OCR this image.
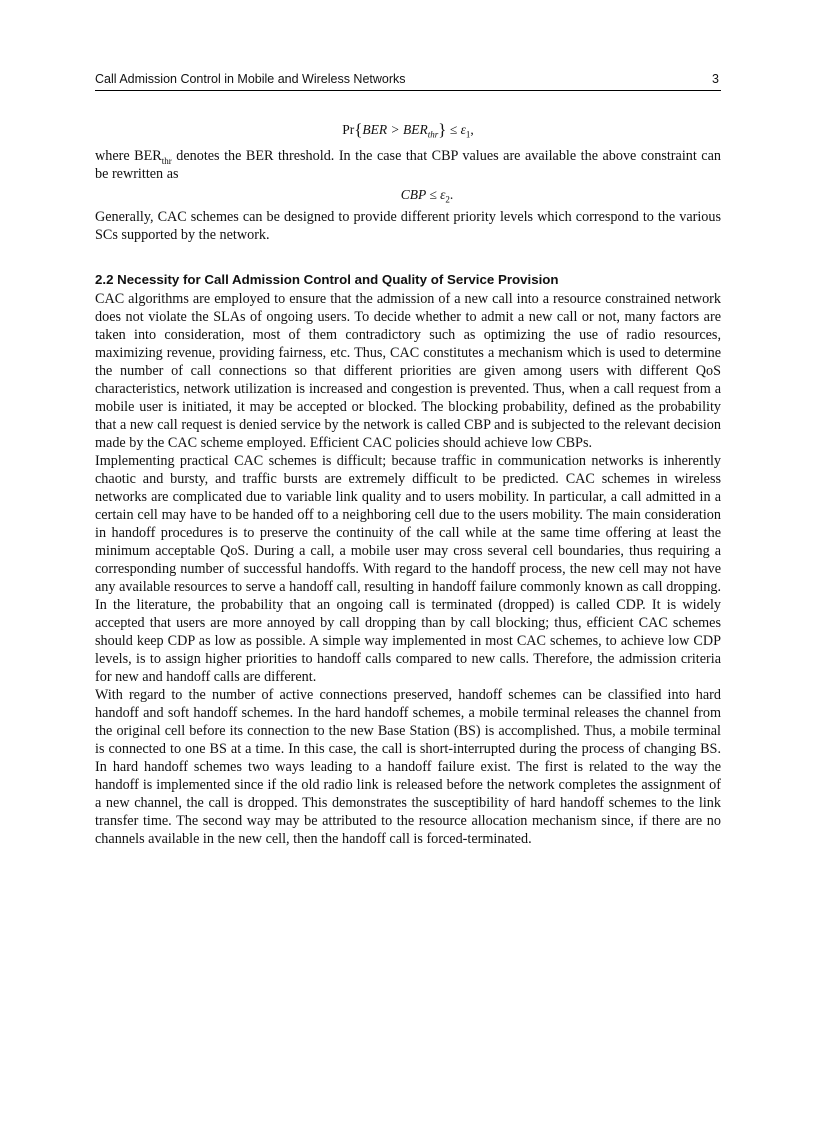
Call Admission Control in Mobile and Wireless Networks	3
$Pr\{BER > BER_{thr}\} \le \varepsilon_1$,

where $BER_{thr}$ denotes the BER threshold. In the case that CBP values are available the above constraint can be rewritten as

CBP ≤ $\varepsilon_2$.

Generally, CAC schemes can be designed to provide different priority levels which correspond to the various SCs supported by the network.

2.2 Necessity for Call Admission Control and Quality of Service Provision

CAC algorithms are employed to ensure that the admission of a new call into a resource constrained network does not violate the SLAs of ongoing users. To decide whether to admit a new call or not, many factors are taken into consideration, most of them contradictory such as optimizing the use of radio resources, maximizing revenue, providing fairness, etc. Thus, CAC constitutes a mechanism which is used to determine the number of call connections so that different priorities are given among users with different QoS characteristics, network utilization is increased and congestion is prevented. Thus, when a call request from a mobile user is initiated, it may be accepted or blocked. The blocking probability, defined as the probability that a new call request is denied service by the network is called CBP and is subjected to the relevant decision made by the CAC scheme employed. Efficient CAC policies should achieve low CBPs.

Implementing practical CAC schemes is difficult; because traffic in communication networks is inherently chaotic and bursty, and traffic bursts are extremely difficult to be predicted. CAC schemes in wireless networks are complicated due to variable link quality and to users mobility. In particular, a call admitted in a certain cell may have to be handed off to a neighboring cell due to the users mobility. The main consideration in handoff procedures is to preserve the continuity of the call while at the same time offering at least the minimum acceptable QoS. During a call, a mobile user may cross several cell boundaries, thus requiring a corresponding number of successful handoffs. With regard to the handoff process, the new cell may not have any available resources to serve a handoff call, resulting in handoff failure commonly known as call dropping. In the literature, the probability that an ongoing call is terminated (dropped) is called CDP. It is widely accepted that users are more annoyed by call dropping than by call blocking; thus, efficient CAC schemes should keep CDP as low as possible. A simple way implemented in most CAC schemes, to achieve low CDP levels, is to assign higher priorities to handoff calls compared to new calls. Therefore, the admission criteria for new and handoff calls are different.

With regard to the number of active connections preserved, handoff schemes can be classified into hard handoff and soft handoff schemes. In the hard handoff schemes, a mobile terminal releases the channel from the original cell before its connection to the new Base Station (BS) is accomplished. Thus, a mobile terminal is connected to one BS at a time. In this case, the call is short-interrupted during the process of changing BS. In hard handoff schemes two ways leading to a handoff failure exist. The first is related to the way the handoff is implemented since if the old radio link is released before the network completes the assignment of a new channel, the call is dropped. This demonstrates the susceptibility of hard handoff schemes to the link transfer time. The second way may be attributed to the resource allocation mechanism since, if there are no channels available in the new cell, then the handoff call is forced-terminated.
